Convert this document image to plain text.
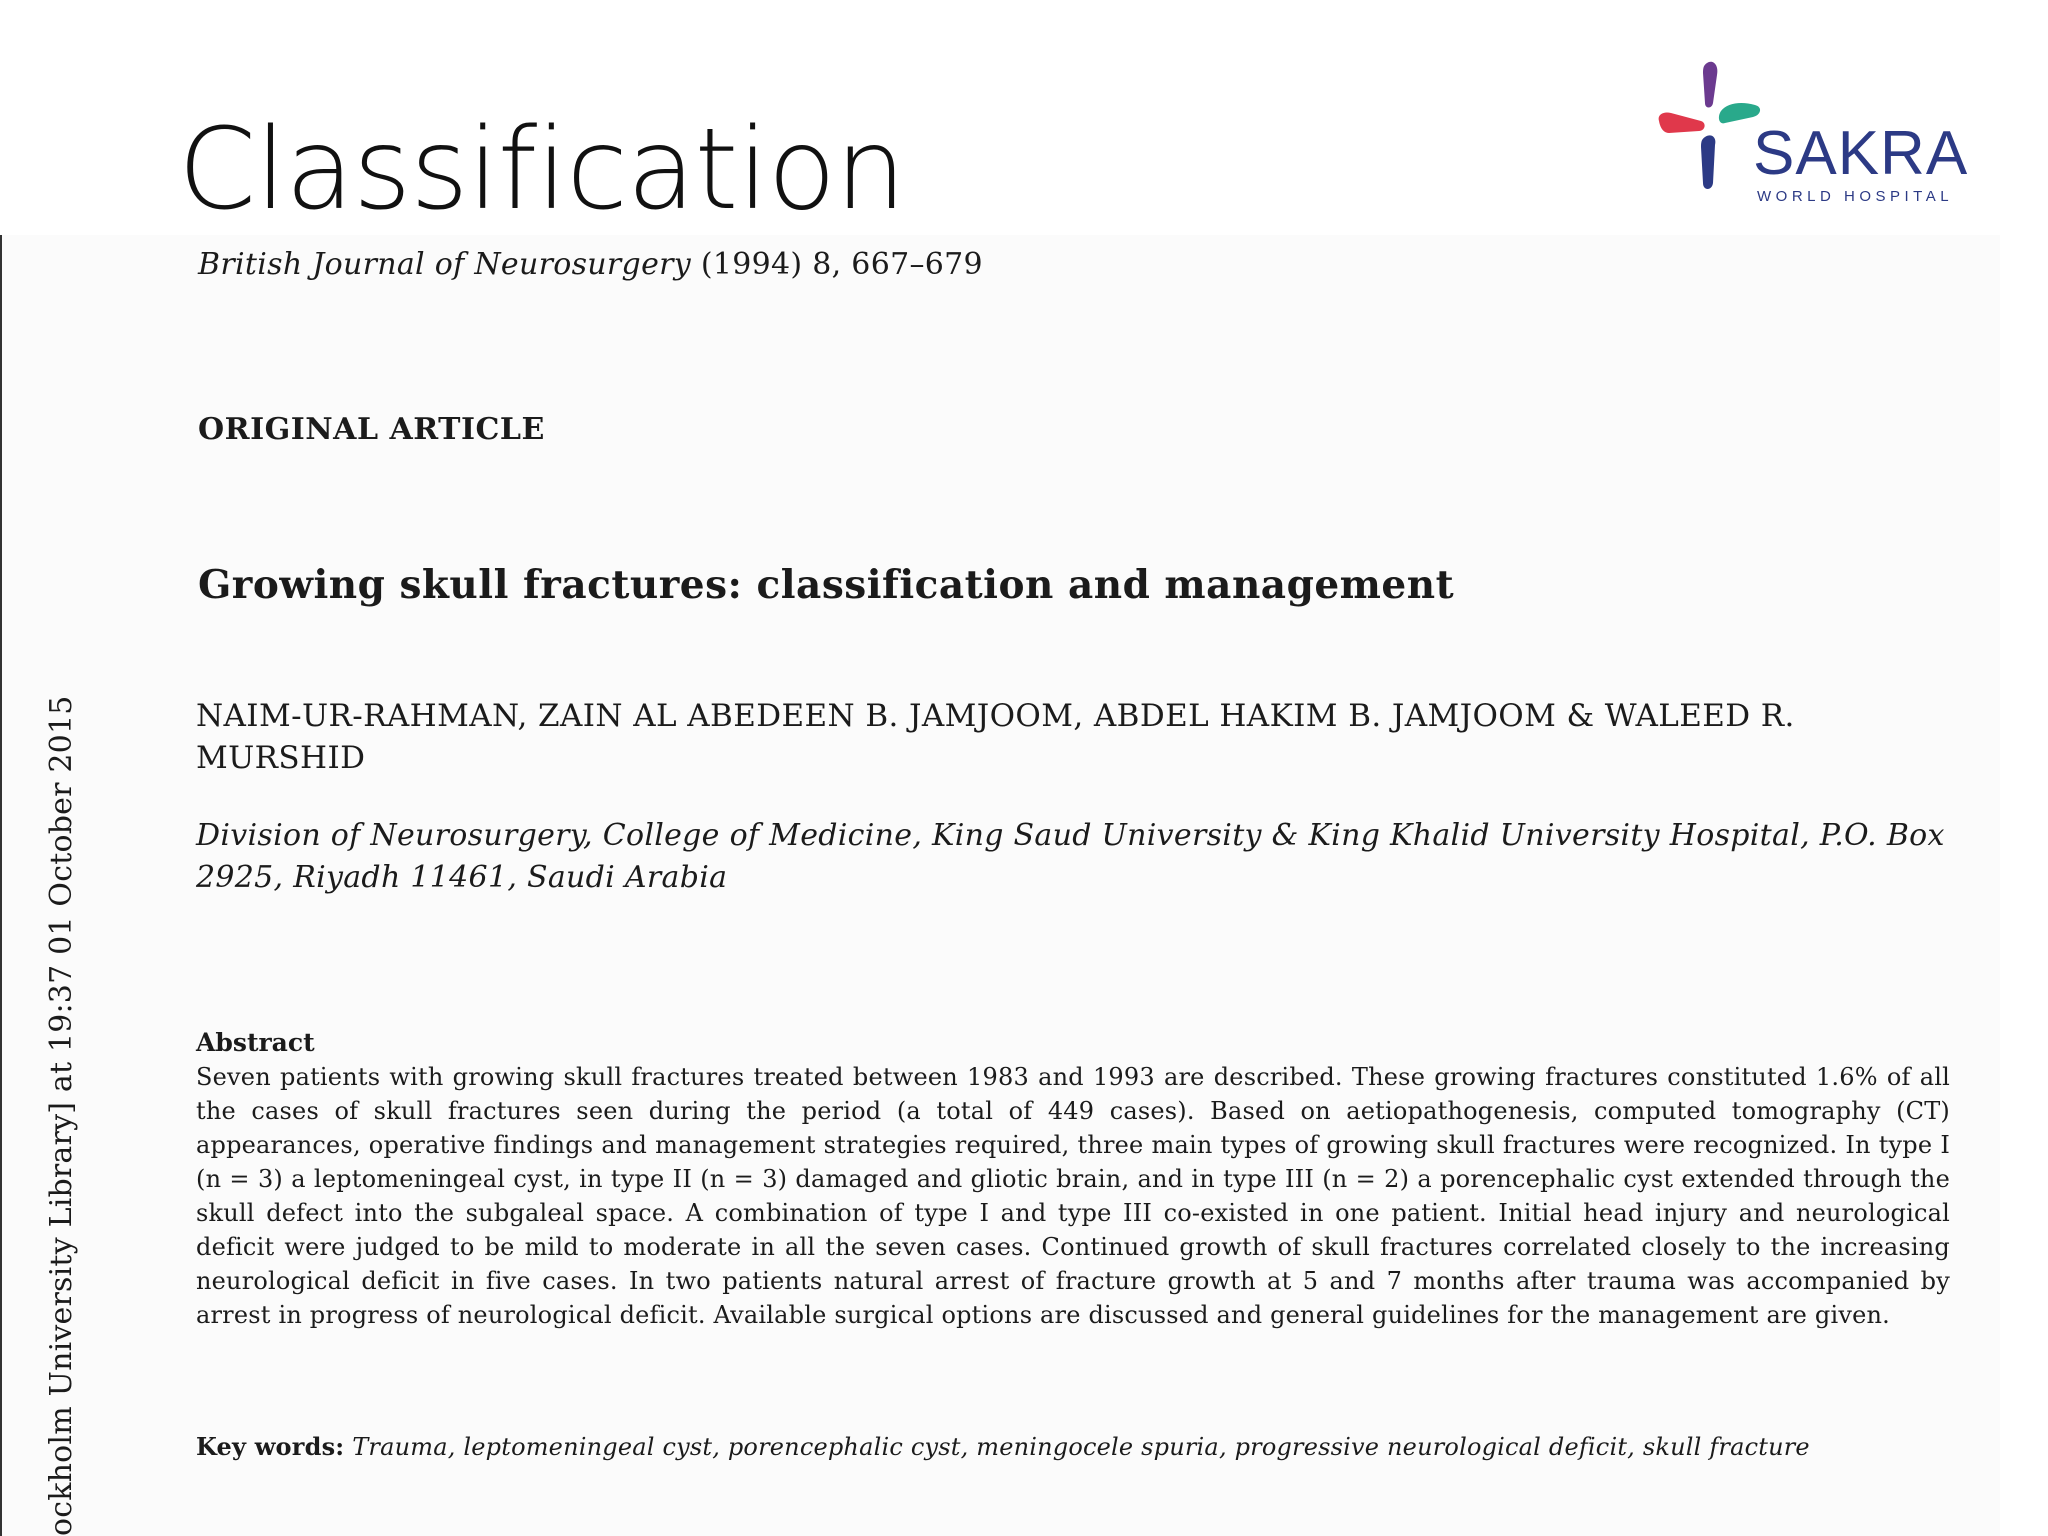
Classification	SAKRA
WORLD HOSPITAL
ockholm University Library] at 19:37 01 October 2015
British Journal of Neurosurgery (1994) 8, 667–679
ORIGINAL ARTICLE
Growing skull fractures: classification and management
NAIM-UR-RAHMAN, ZAIN AL ABEDEEN B. JAMJOOM, ABDEL HAKIM B. JAMJOOM & WALEED R. MURSHID
Division of Neurosurgery, College of Medicine, King Saud University & King Khalid University Hospital, P.O. Box 2925, Riyadh 11461, Saudi Arabia
Abstract
Seven patients with growing skull fractures treated between 1983 and 1993 are described. These growing fractures constituted 1.6% of all the cases of skull fractures seen during the period (a total of 449 cases). Based on aetiopathogenesis, computed tomography (CT) appearances, operative findings and management strategies required, three main types of growing skull fractures were recognized. In type I (n = 3) a leptomeningeal cyst, in type II (n = 3) damaged and gliotic brain, and in type III (n = 2) a porencephalic cyst extended through the skull defect into the subgaleal space. A combination of type I and type III co-existed in one patient. Initial head injury and neurological deficit were judged to be mild to moderate in all the seven cases. Continued growth of skull fractures correlated closely to the increasing neurological deficit in five cases. In two patients natural arrest of fracture growth at 5 and 7 months after trauma was accompanied by arrest in progress of neurological deficit. Available surgical options are discussed and general guidelines for the management are given.
Key words: Trauma, leptomeningeal cyst, porencephalic cyst, meningocele spuria, progressive neurological deficit, skull fracture
